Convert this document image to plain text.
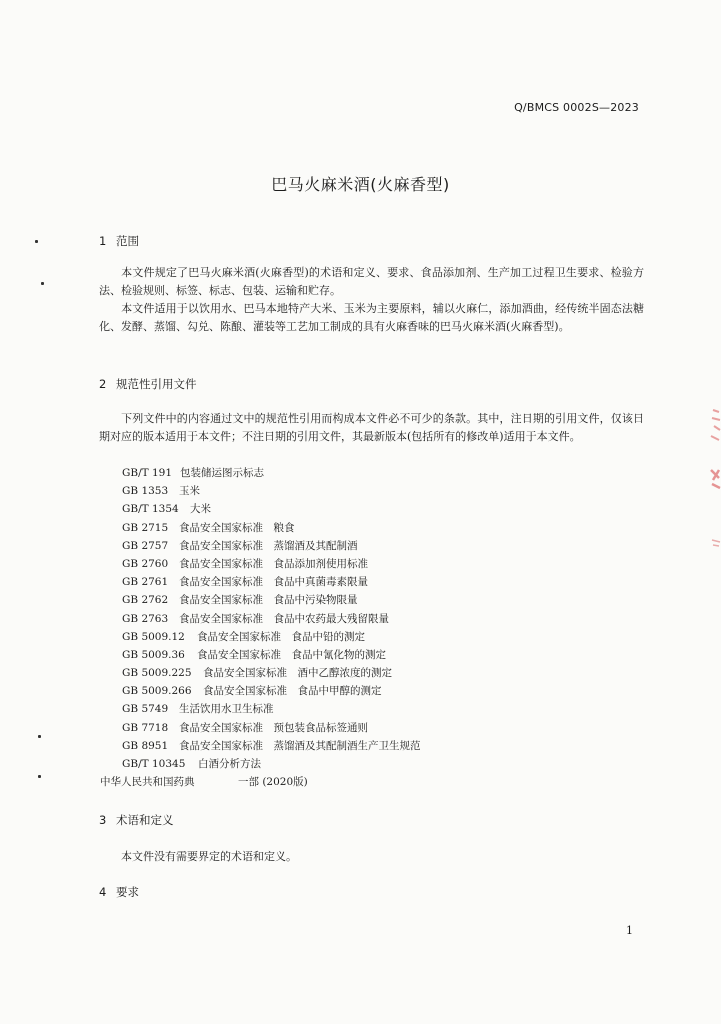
Q/BMCS 0002S—2023
巴马火麻米酒(火麻香型)
1 范围

本文件规定了巴马火麻米酒(火麻香型)的术语和定义、要求、食品添加剂、生产加工过程卫生要求、检验方法、检验规则、标签、标志、包装、运输和贮存。

本文件适用于以饮用水、巴马本地特产大米、玉米为主要原料，辅以火麻仁，添加酒曲，经传统半固态法糖化、发酵、蒸馏、勾兑、陈酿、灌装等工艺加工制成的具有火麻香味的巴马火麻米酒(火麻香型)。

2 规范性引用文件

下列文件中的内容通过文中的规范性引用而构成本文件必不可少的条款。其中，注日期的引用文件，仅该日期对应的版本适用于本文件；不注日期的引用文件，其最新版本(包括所有的修改单)适用于本文件。

GB/T 191 包装储运图示标志
GB 1353 玉米
GB/T 1354 大米
GB 2715 食品安全国家标准　粮食
GB 2757 食品安全国家标准　蒸馏酒及其配制酒
GB 2760 食品安全国家标准　食品添加剂使用标准
GB 2761 食品安全国家标准　食品中真菌毒素限量
GB 2762 食品安全国家标准　食品中污染物限量
GB 2763 食品安全国家标准　食品中农药最大残留限量
GB 5009.12 食品安全国家标准　食品中铅的测定
GB 5009.36 食品安全国家标准　食品中氰化物的测定
GB 5009.225 食品安全国家标准　酒中乙醇浓度的测定
GB 5009.266 食品安全国家标准　食品中甲醇的测定
GB 5749 生活饮用水卫生标准
GB 7718 食品安全国家标准　预包装食品标签通则
GB 8951 食品安全国家标准　蒸馏酒及其配制酒生产卫生规范
GB/T 10345 白酒分析方法
中华人民共和国药典	一部 (2020版)
3 术语和定义

本文件没有需要界定的术语和定义。

4 要求
1
